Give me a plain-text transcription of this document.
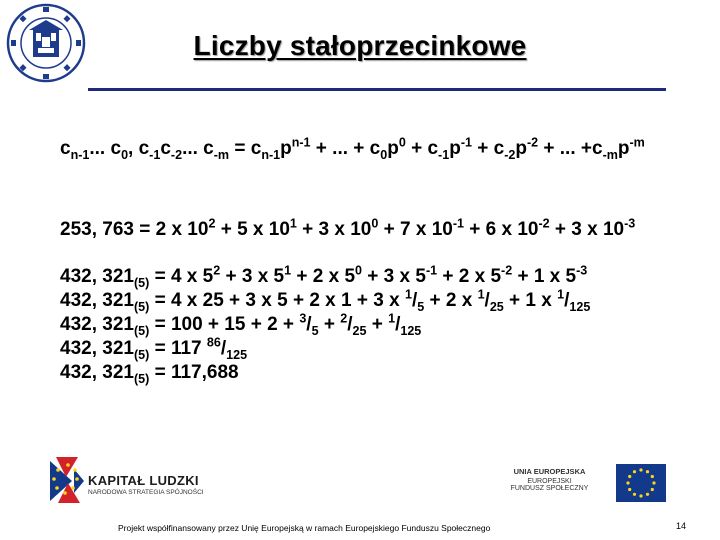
Liczby stałoprzecinkowe
$c_{n-1}$... $c_0$, $c_{-1}c_{-2}$... $c_{-m} = c_{n-1}p^{n-1}$ + ... + $c_0p^0 + c_{-1}p^{-1} + c_{-2}p^{-2}$ + ... $+c_{-m}p^{-m}$
253, 763 = 2 x $10^2 + 5$ x $10^1 + 3$ x $10^0 + 7$ x $10^{-1} + 6$ x $10^{-2} + 3$ x $10^{-3}$
432, $321_{(5)} = 4$ x $5^2 + 3$ x $5^1 + 2$ x $5^0 + 3$ x $5^{-1} + 2$ x $5^{-2} + 1$ x $5^{-3}$
432, $321_{(5)} = 4$ x 25 + 3 x 5 + 2 x 1 + 3 x $^1/_5 + 2$ x $^1/_{25} + 1$ x $^1/_{125}$
432, $321_{(5)} = 100 + 15 + 2 + ^3/_5 + ^2/_{25} + ^1/_{125}$
432, $321_{(5)} = 117$ $^{86}/_{125}$
432, $321_{(5)} = 117,688$
KAPITAŁ LUDZKI
NARODOWA STRATEGIA SPÓJNOŚCI
UNIA EUROPEJSKA
EUROPEJSKI
FUNDUSZ SPOŁECZNY
Projekt współfinansowany przez Unię Europejską w ramach Europejskiego Funduszu Społecznego	14
